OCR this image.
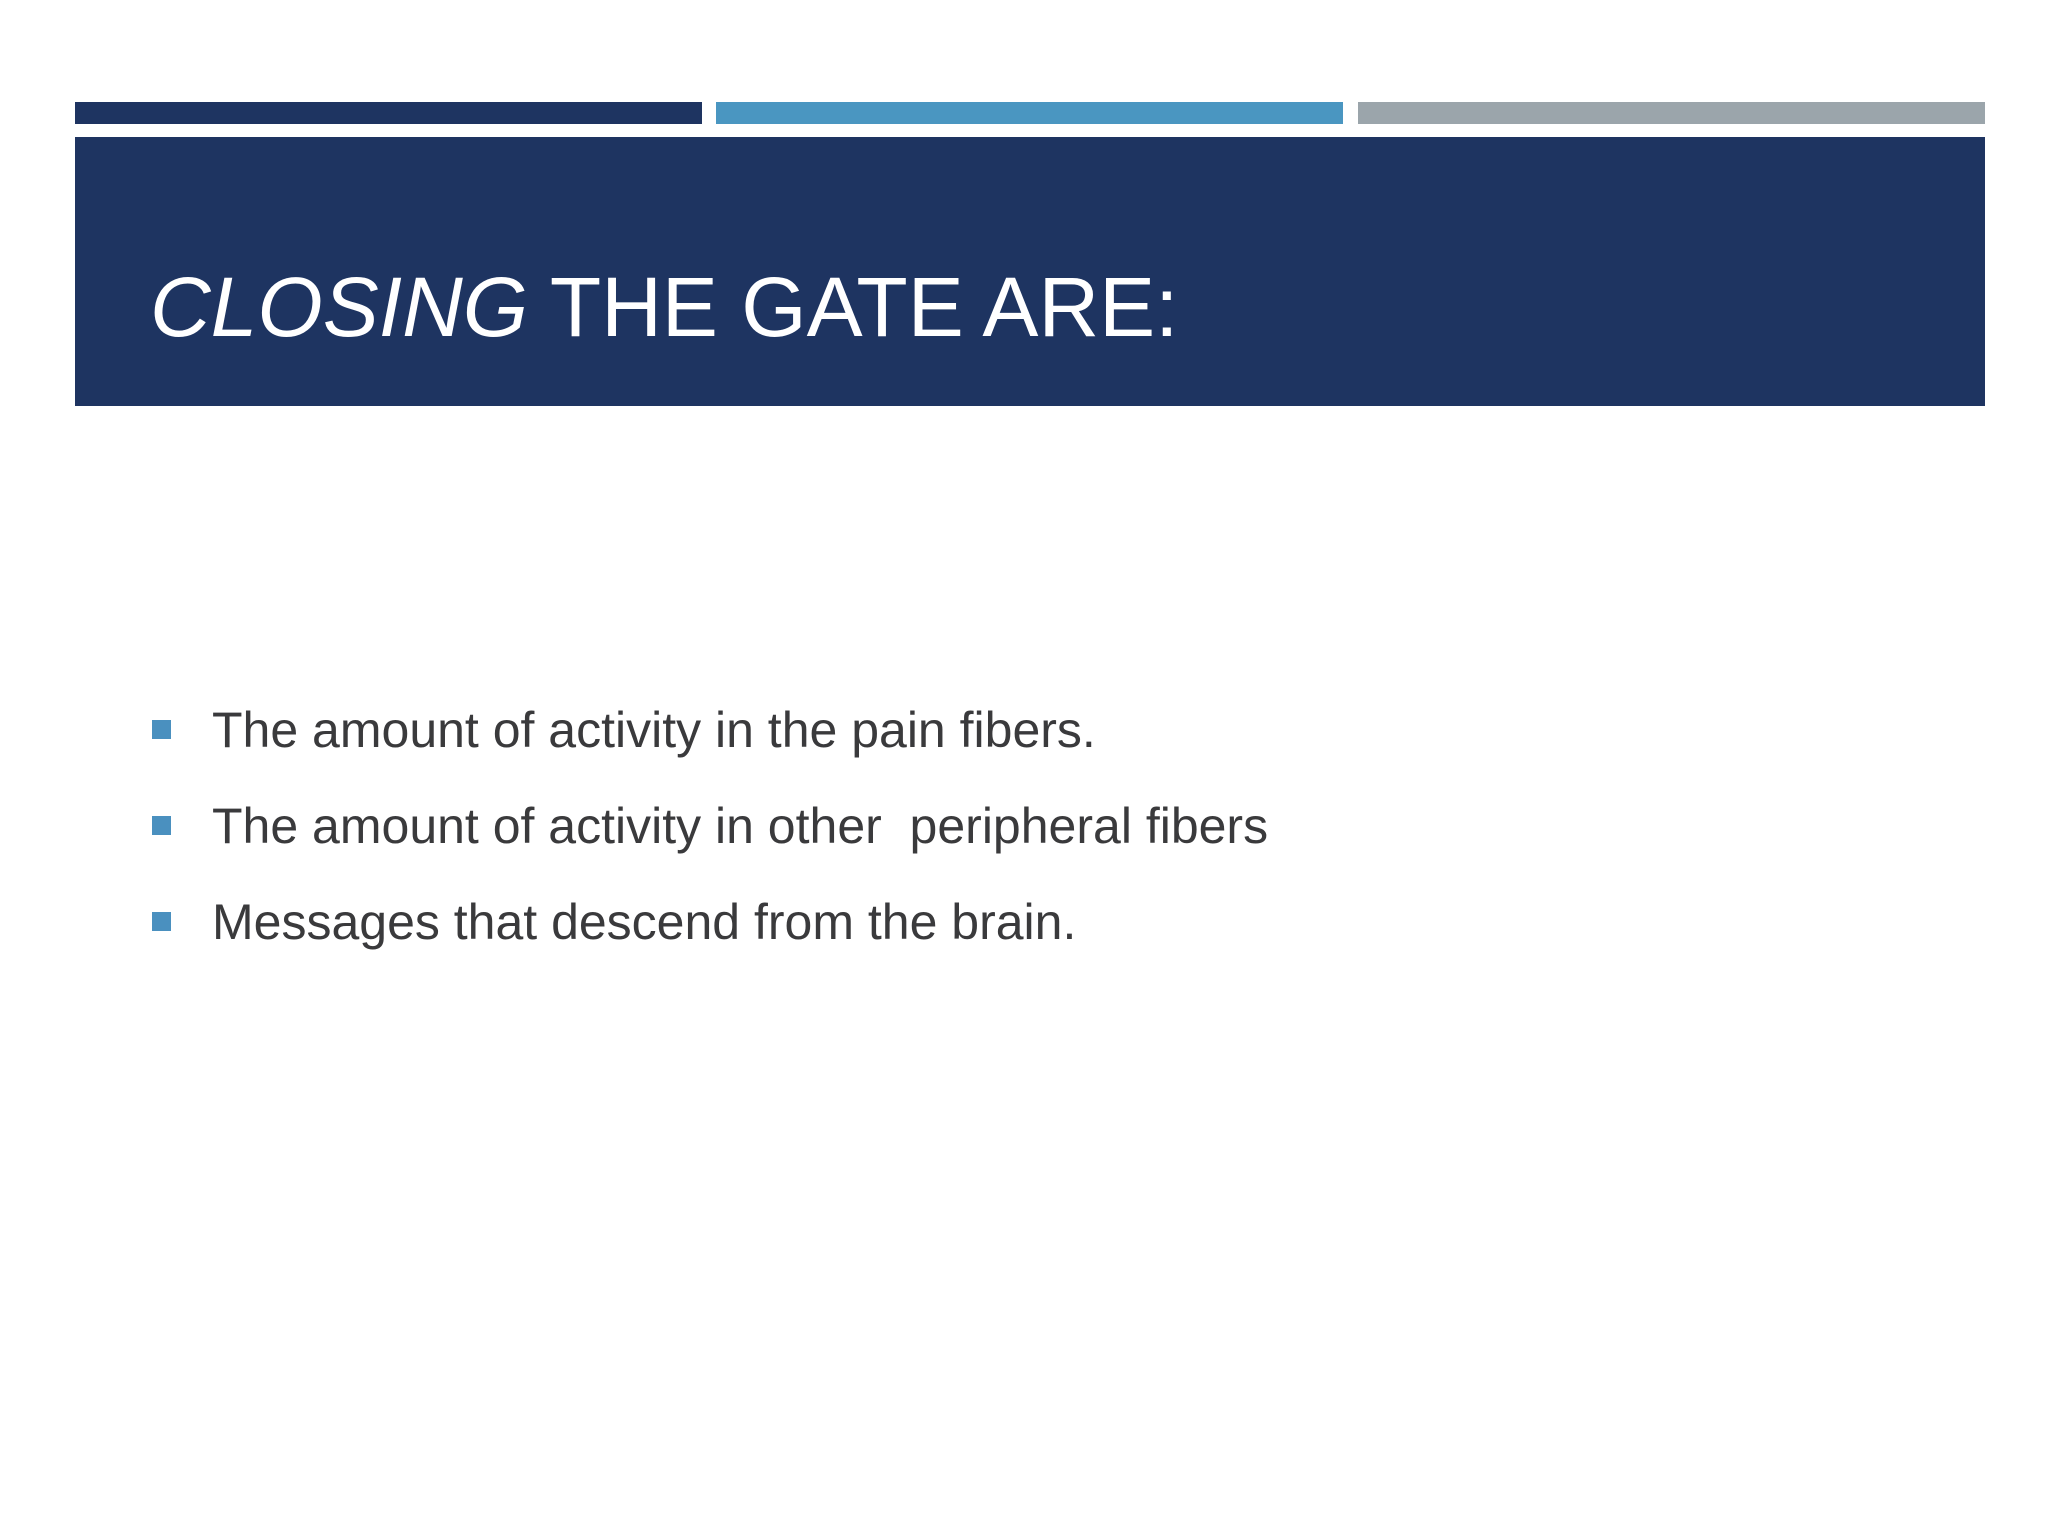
CLOSING THE GATE ARE:
The amount of activity in the pain fibers.
The amount of activity in other  peripheral fibers
Messages that descend from the brain.
